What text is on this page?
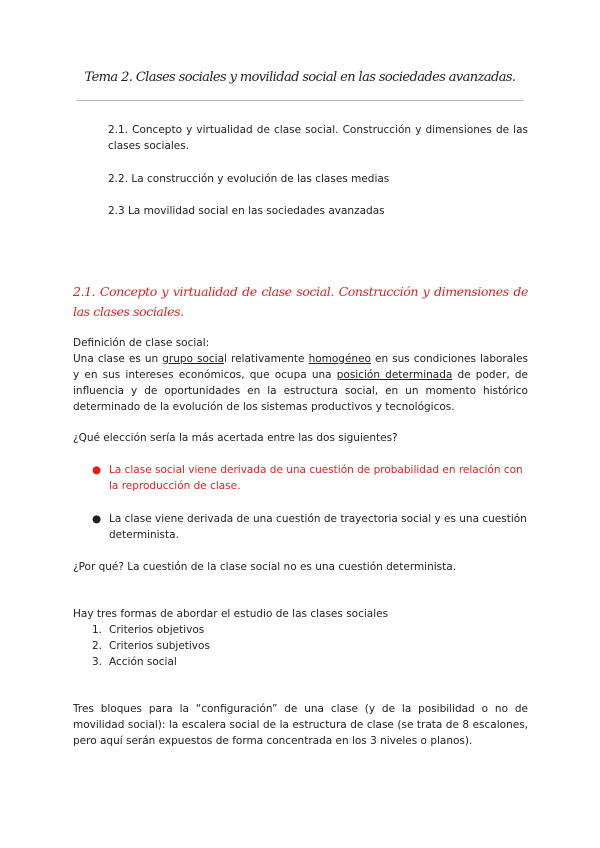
Tema 2. Clases sociales y movilidad social en las sociedades avanzadas.
2.1. Concepto y virtualidad de clase social. Construcción y dimensiones de las clases sociales.
2.2. La construcción y evolución de las clases medias
2.3 La movilidad social en las sociedades avanzadas
2.1. Concepto y virtualidad de clase social. Construcción y dimensiones de las clases sociales.
Definición de clase social:
Una clase es un grupo social relativamente homogéneo en sus condiciones laborales y en sus intereses económicos, que ocupa una posición determinada de poder, de influencia y de oportunidades en la estructura social, en un momento histórico determinado de la evolución de los sistemas productivos y tecnológicos.
¿Qué elección sería la más acertada entre las dos siguientes?
● La clase social viene derivada de una cuestión de probabilidad en relación con la reproducción de clase.
● La clase viene derivada de una cuestión de trayectoria social y es una cuestión determinista.
¿Por qué? La cuestión de la clase social no es una cuestión determinista.
Hay tres formas de abordar el estudio de las clases sociales
1. Criterios objetivos
2. Criterios subjetivos
3. Acción social
Tres bloques para la “configuración” de una clase (y de la posibilidad o no de movilidad social): la escalera social de la estructura de clase (se trata de 8 escalones, pero aquí serán expuestos de forma concentrada en los 3 niveles o planos).
